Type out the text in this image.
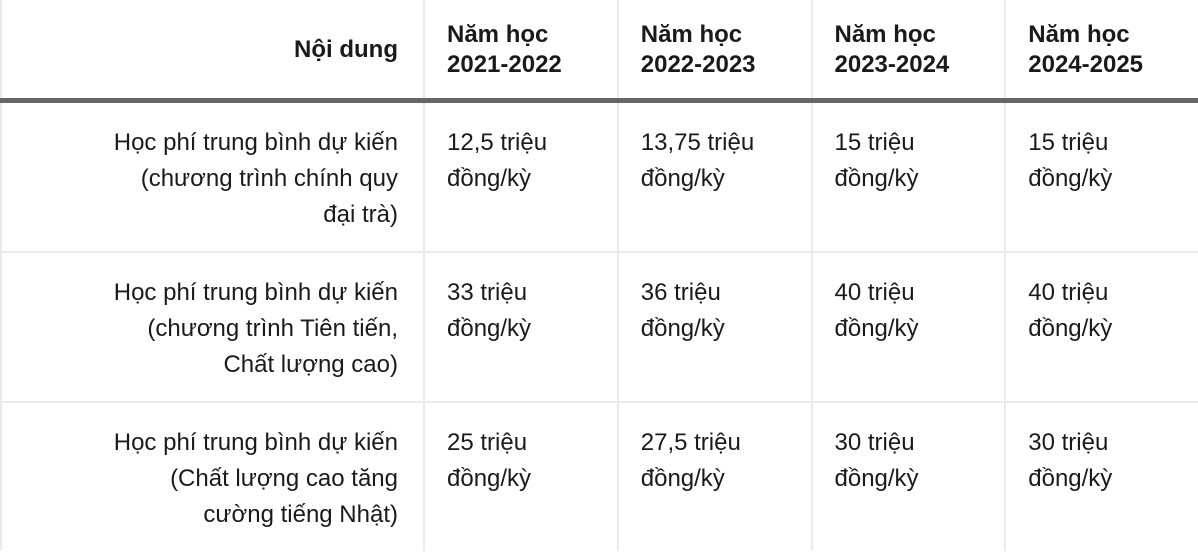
Nội dung	Năm học 2021-2022	Năm học 2022-2023	Năm học 2023-2024	Năm học 2024-2025
Học phí trung bình dự kiến (chương trình chính quy đại trà)	12,5 triệu đồng/kỳ	13,75 triệu đồng/kỳ	15 triệu đồng/kỳ	15 triệu đồng/kỳ
Học phí trung bình dự kiến (chương trình Tiên tiến, Chất lượng cao)	33 triệu đồng/kỳ	36 triệu đồng/kỳ	40 triệu đồng/kỳ	40 triệu đồng/kỳ
Học phí trung bình dự kiến (Chất lượng cao tăng cường tiếng Nhật)	25 triệu đồng/kỳ	27,5 triệu đồng/kỳ	30 triệu đồng/kỳ	30 triệu đồng/kỳ
